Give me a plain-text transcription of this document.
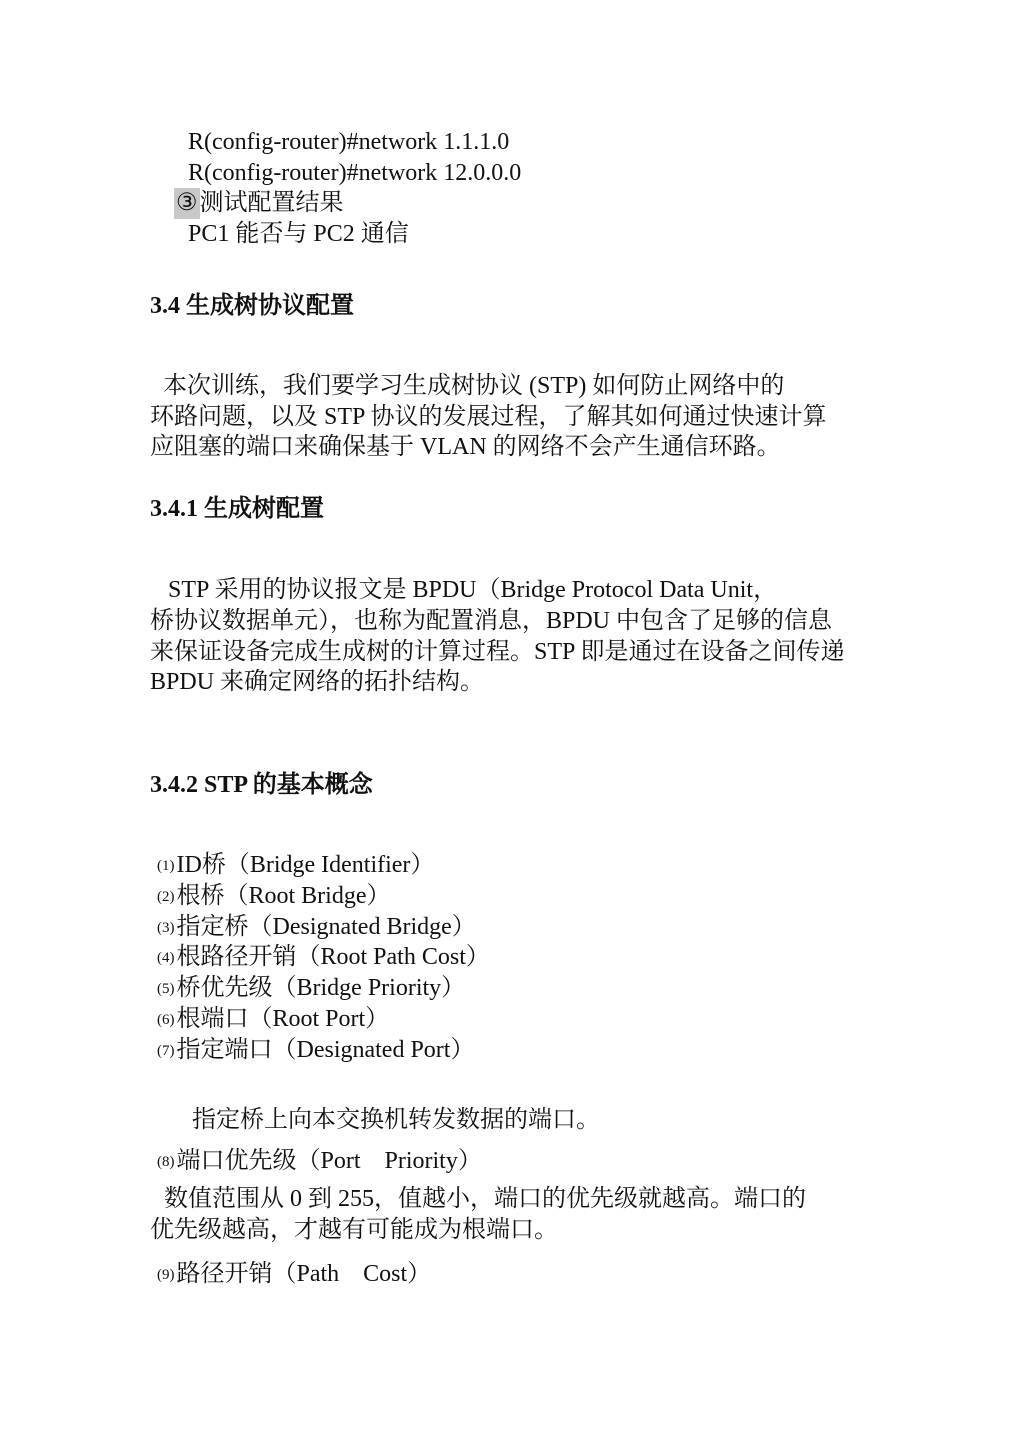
R(config-router)#network 1.1.1.0
R(config-router)#network 12.0.0.0
③测试配置结果
PC1 能否与 PC2 通信
3.4 生成树协议配置
本次训练，我们要学习生成树协议 (STP) 如何防止网络中的
环路问题，以及 STP 协议的发展过程，了解其如何通过快速计算
应阻塞的端口来确保基于 VLAN 的网络不会产生通信环路。
3.4.1 生成树配置
STP 采用的协议报文是 BPDU（Bridge Protocol Data Unit，
桥协议数据单元），也称为配置消息，BPDU 中包含了足够的信息
来保证设备完成生成树的计算过程。STP 即是通过在设备之间传递
BPDU 来确定网络的拓扑结构。
3.4.2 STP 的基本概念
(1)ID桥（Bridge Identifier）
(2)根桥（Root Bridge）
(3)指定桥（Designated Bridge）
(4)根路径开销（Root Path Cost）
(5)桥优先级（Bridge Priority）
(6)根端口（Root Port）
(7)指定端口（Designated Port）
指定桥上向本交换机转发数据的端口。
(8)端口优先级（Port　Priority）
数值范围从 0 到 255，值越小，端口的优先级就越高。端口的
优先级越高，才越有可能成为根端口。
(9)路径开销（Path　Cost）
